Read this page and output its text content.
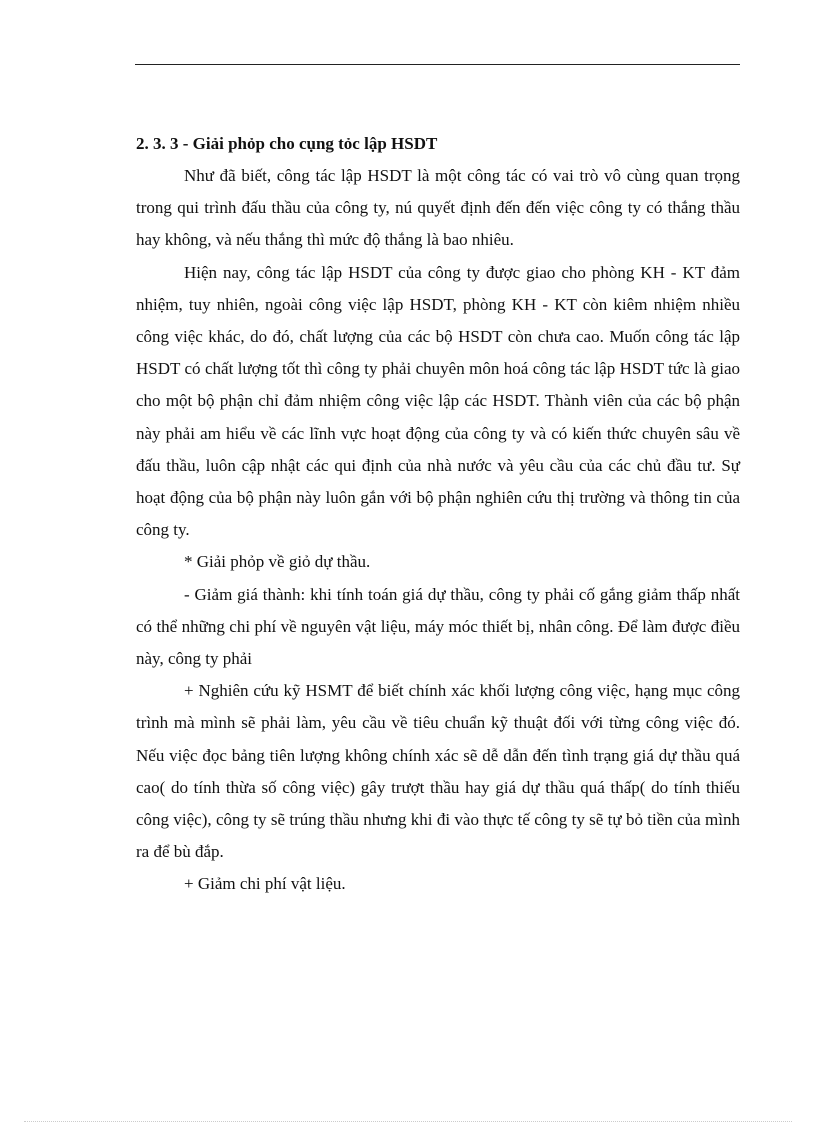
2. 3. 3 - Giải phỏp cho cụng tỏc lập HSDT

Như đã biết, công tác lập HSDT là một công tác có vai trò vô cùng quan trọng trong qui trình đấu thầu của công ty, nú quyết định đến đến việc công ty có thắng thầu hay không, và nếu thắng thì mức độ thắng là bao nhiêu.

Hiện nay, công tác lập HSDT của công ty được giao cho phòng KH - KT đảm nhiệm, tuy nhiên, ngoài công việc lập HSDT, phòng KH - KT còn kiêm nhiệm nhiều công việc khác, do đó, chất lượng của các bộ HSDT còn chưa cao. Muốn công tác lập HSDT có chất lượng tốt thì công ty phải chuyên môn hoá công tác lập HSDT tức là giao cho một bộ phận chỉ đảm nhiệm công việc lập các HSDT. Thành viên của các bộ phận này phải am hiểu về các lĩnh vực hoạt động của công ty và có kiến thức chuyên sâu về đấu thầu, luôn cập nhật các qui định của nhà nước và yêu cầu của các chủ đầu tư. Sự hoạt động của bộ phận này luôn gắn với bộ phận nghiên cứu thị trường và thông tin của công ty.

* Giải phỏp về giỏ dự thầu.

- Giảm giá thành: khi tính toán giá dự thầu, công ty phải cố gắng giảm thấp nhất có thể những chi phí về nguyên vật liệu, máy móc thiết bị, nhân công. Để làm được điều này, công ty phải

+ Nghiên cứu kỹ HSMT để biết chính xác khối lượng công việc, hạng mục công trình mà mình sẽ phải làm, yêu cầu về tiêu chuẩn kỹ thuật đối với từng công việc đó. Nếu việc đọc bảng tiên lượng không chính xác sẽ dễ dẫn đến tình trạng giá dự thầu quá cao( do tính thừa số công việc) gây trượt thầu hay giá dự thầu quá thấp( do tính thiếu công việc), công ty sẽ trúng thầu nhưng khi đi vào thực tế công ty sẽ tự bỏ tiền của mình ra để bù đắp.

+ Giảm chi phí vật liệu.
